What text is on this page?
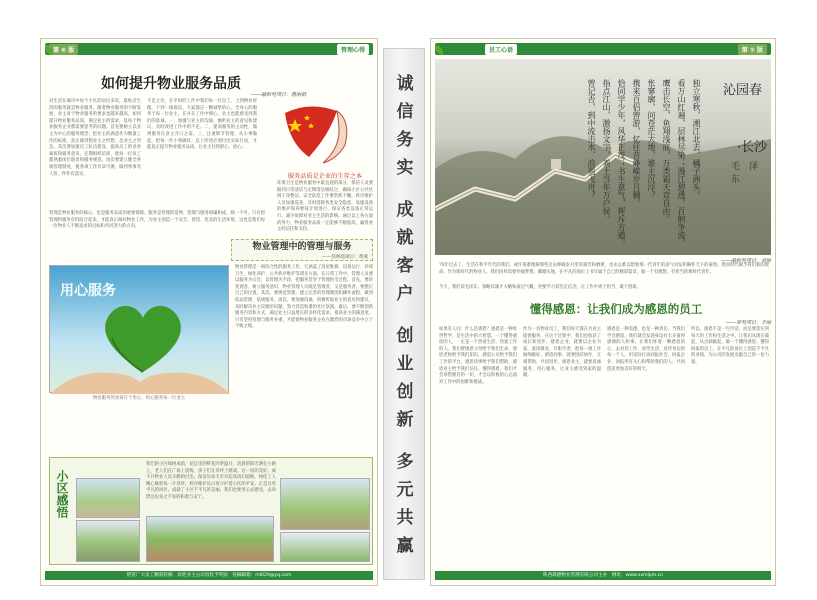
第 ⑥ 版	管理心得
如何提升物业服务品质
——融和苑项目：惠丽娟
对生活在城市中每个小区的居民来说，最贴近生活的服务就是物业服务。随着物业服务的不断发展，业主对于物业服务的要求也越来越高。如何提升物业服务品质，满足业主的需求，是每个物业服务企业都需要思考的问题。首先要树立以业主为中心的服务理念，把业主的满意作为衡量工作的标准，真正做到想业主之所想、急业主之所急。其次要加强员工队伍建设，提高员工的业务素质和服务意识，定期组织培训，使每一位员工都熟悉岗位职责和服务规范。再次要建立健全各项管理制度，使各项工作有章可循，做到事事有人管、件件有落实。
不足之处，在平时的工作中我们每一位员工，上到物业经理，下到一线保洁，大家都应一颗诚挚的心，全身心的服务于每一位业主，在并在工作中细心，业主也能感受到我们的真诚。一、加强与业主的沟通，倾听业主的意见和建议，及时改进工作中的不足。二、提高服务的主动性，做到服务在业主开口之前。三、注重细节管理，从小事做起，把每一件小事做好。以上所述必须付出实际行动，才能真正提升物业服务品质，让业主住得舒心、放心。
服务品质是企业的生存之本
环境卫生是物业服务中最直观的部分，保洁人员要做到日常清洁与定期清洁相结合，确保小区公共区域干净整洁。安全防范工作要常抓不懈，秩序维护人员加强巡查，及时消除各类安全隐患。设施设备的维护保养要按计划进行，保证各类设备正常运行，减少故障对业主生活的影响。通过以上各方面的努力，物业服务品质一定能够不断提高，赢得业主的信任和支持。
管理是物业服务的核心，也是服务品质的重要保障。服务是管理的延伸，管理与服务相辅相成、缺一不可。只有把管理和服务有机结合起来，才能真正做好物业工作，为业主创造一个安全、舒适、优美的生活环境，这也是我们每一位物业人不断追求的目标和共同努力的方向。
物业管理中的管理与服务
——伟林苑项目：黄燕
用心服务
物业服务的真谛在于用心，用心服务每一位业主
物业管理是一项综合性的服务工作，它涵盖了房屋维修、设备运行、环境卫生、绿化养护、公共秩序维护等诸多方面。在日常工作中，管理人员要以服务为宗旨，以管理为手段，把服务贯穿于管理的全过程。首先，要转变观念，树立服务意识，物业管理人员既是管理者，又是服务者，要摆正自己的位置。其次，要规范管理，建立完善的管理制度和操作流程，做到依法管理、依规服务。再次，要加强沟通，积极听取业主的意见和建议，及时解决业主反映的问题，努力营造和谐的社区氛围。最后，要不断创新服务内容和方式，满足业主日益增长的多样化需求，提高业主的满意度。只有坚持管理与服务并重，才能使物业服务企业在激烈的市场竞争中立于不败之地。
小区感悟
我们的小区绿树成荫，花坛里的鲜花四季盛开，清晨的阳光洒在小路上，老人们在广场上晨练，孩子们在草坪上嬉戏。这一切的美好，离不开物业人员辛勤的付出。保洁员每天早早起床清扫道路，绿化工人精心修剪每一片草坪，秩序维护员日夜守护着小区的平安。正是这些平凡的岗位，成就了小区不平凡的美丽。我们也要用心去感受，去珍惜这份来之不易的和谐与安宁。
佬管广大员工精彩投稿　欢迎业主公司再投予奖励　投稿邮箱：ml029@yq.com
诚
信
务
实
成
就
客
户
创
业
创
新
多
元
共
赢
员工心语	第 ⑦ 版
独立寒秋，湘江北去，橘子洲头。
看万山红遍，层林尽染；漫江碧透，百舸争流。
鹰击长空，鱼翔浅底，万类霜天竞自由。
怅寥廓，问苍茫大地，谁主沉浮？
携来百侣曾游，忆往昔峥嵘岁月稠。
恰同学少年，风华正茂；书生意气，挥斥方遒。
指点江山，激扬文字，粪土当年万户侯。
曾记否，到中流击水，浪遏飞舟？	沁园春
·长沙
毛　泽　东
——融和苑项目：刘丽
70年过去了，生活在和平年代的我们，或许很难理解那些过去峥嵘岁月里的艰苦和磨难，也永远难以想象那一代青年的意气风发和胸怀天下的豪情。然而时代赋予我们新的使命，作为新时代的物业人，我们同样需要怀揣梦想，脚踏实地，在平凡的岗位上书写属于自己的精彩篇章，做一个有理想、有担当的新时代青年。
今天，我们读毛泽东，领略其雄才大略和豪迈气概，更要学习其坚定信念，在工作中勇于担当、敢于创新。
懂得感恩：让我们成为感恩的员工
——翠苑项目：李丽
如果有人问：什么是感恩？感恩是一种处世哲学，是生活中的大智慧。一个懂得感恩的人，一定是一个热爱生活、热爱工作的人。我们要感恩父母给予我们生命，感恩老师给予我们知识，感恩公司给予我们工作的平台，感恩同事给予我们帮助，感恩业主给予我们信任。懂得感恩，我们才会珍惜拥有的一切，才会以积极的心态面对工作中的困难和挑战。
作为一名物业员工，我们每天都在为业主提供服务，在这个过程中，我们也收获了成长和进步。感恩企业，就要以企业为家，爱岗敬业，尽职尽责，把每一项工作做细做好。感恩同事，就要团结协作，互相帮助，共同进步。感恩业主，就要真诚服务，用心服务，让业主感受到家的温暖。
感恩是一种美德，也是一种责任。当我们学会感恩，我们就会发现身边有太多值得感谢的人和事。让我们怀着一颗感恩的心，去对待工作、对待生活、对待身边的每一个人，用实际行动回报社会、回报企业、回报所有关心和帮助我们的人，共同创造更加美好的明天。
所以，感恩不是一句空话，而是要落实到每天的工作和生活之中。让我们从现在做起，从点滴做起，做一个懂得感恩、懂得回报的员工，在平凡的岗位上创造不平凡的业绩，为公司的发展贡献自己的一份力量。
陕西森德物业管理有限公司主办　网址：www.sxmlpm.cn
